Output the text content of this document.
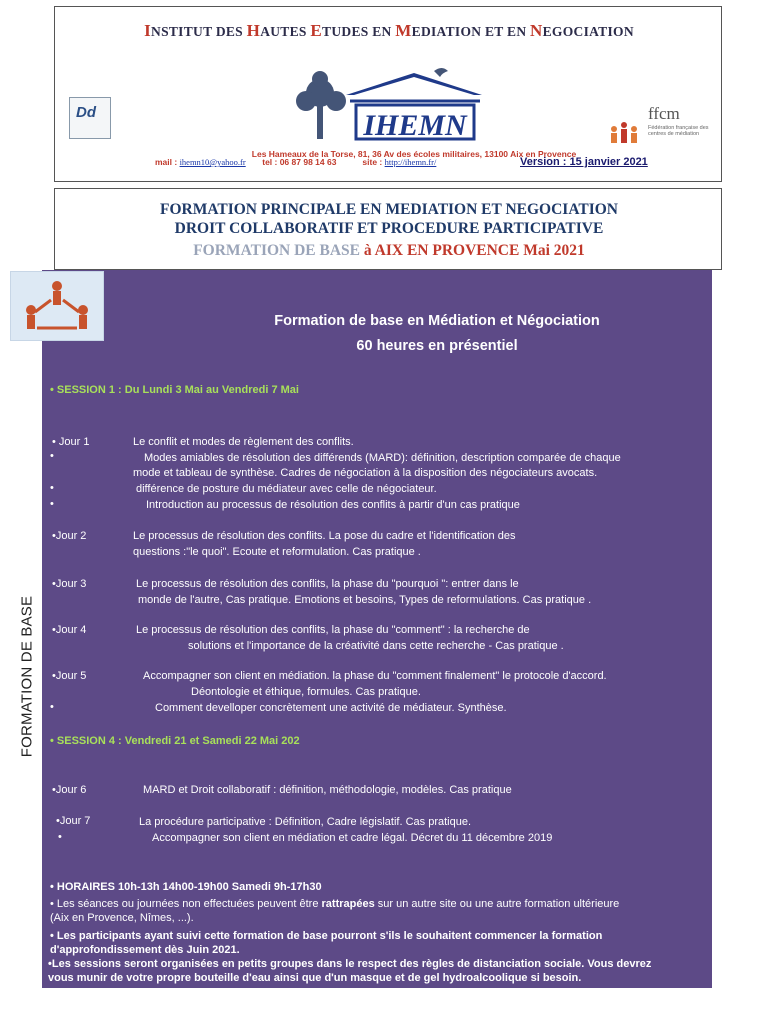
INSTITUT DES HAUTES ETUDES EN MEDIATION ET EN NEGOCIATION
Dd	IHEMN	ffcm
Fédération française des centres de médiation
Les Hameaux de la Torse, 81, 36 Av des écoles militaires, 13100 Aix en Provence
mail : ihemn10@yahoo.fr tel : 06 87 98 14 63	site : http://ihemn.fr/	Version : 15 janvier 2021
FORMATION PRINCIPALE EN MEDIATION ET NEGOCIATION
DROIT COLLABORATIF ET PROCEDURE PARTICIPATIVE
FORMATION DE BASE à AIX EN PROVENCE Mai 2021
FORMATION DE BASE
Formation de base en Médiation et Négociation
60 heures en présentiel
• SESSION 1 : Du Lundi 3 Mai au Vendredi 7 Mai
• Jour 1	Le conflit et modes de règlement des conflits.
•	Modes amiables de résolution des différends (MARD): définition, description comparée de chaque
mode et tableau de synthèse. Cadres de négociation à la disposition des négociateurs avocats.
•	différence de posture du médiateur avec celle de négociateur.
•	Introduction au processus de résolution des conflits à partir d'un cas pratique
•Jour 2	Le processus de résolution des conflits. La pose du cadre et l'identification des
questions :"le quoi". Ecoute et reformulation. Cas pratique .
•Jour 3	Le processus de résolution des conflits, la phase du "pourquoi ": entrer dans le
monde de l'autre, Cas pratique. Emotions et besoins, Types de reformulations. Cas pratique .
•Jour 4	Le processus de résolution des conflits, la phase du "comment" : la recherche de
solutions et l'importance de la créativité dans cette recherche - Cas pratique .
•Jour 5	Accompagner son client en médiation. la phase du "comment finalement" le protocole d'accord.
Déontologie et éthique, formules. Cas pratique.
•	Comment develloper concrètement une activité de médiateur. Synthèse.
• SESSION 4 : Vendredi 21 et Samedi 22 Mai 202
•Jour 6	MARD et Droit collaboratif : définition, méthodologie, modèles. Cas pratique
•Jour 7	La procédure participative : Définition, Cadre législatif. Cas pratique.
•	Accompagner son client en médiation et cadre légal. Décret du 11 décembre 2019
• HORAIRES 10h-13h 14h00-19h00 Samedi 9h-17h30
• Les séances ou journées non effectuées peuvent être rattrapées sur un autre site ou une autre formation ultérieure
(Aix en Provence, Nîmes, ...).
• Les participants ayant suivi cette formation de base pourront s'ils le souhaitent commencer la formation
d'approfondissement dès Juin 2021.
•Les sessions seront organisées en petits groupes dans le respect des règles de distanciation sociale. Vous devrez
vous munir de votre propre bouteille d'eau ainsi que d'un masque et de gel hydroalcoolique si besoin.
